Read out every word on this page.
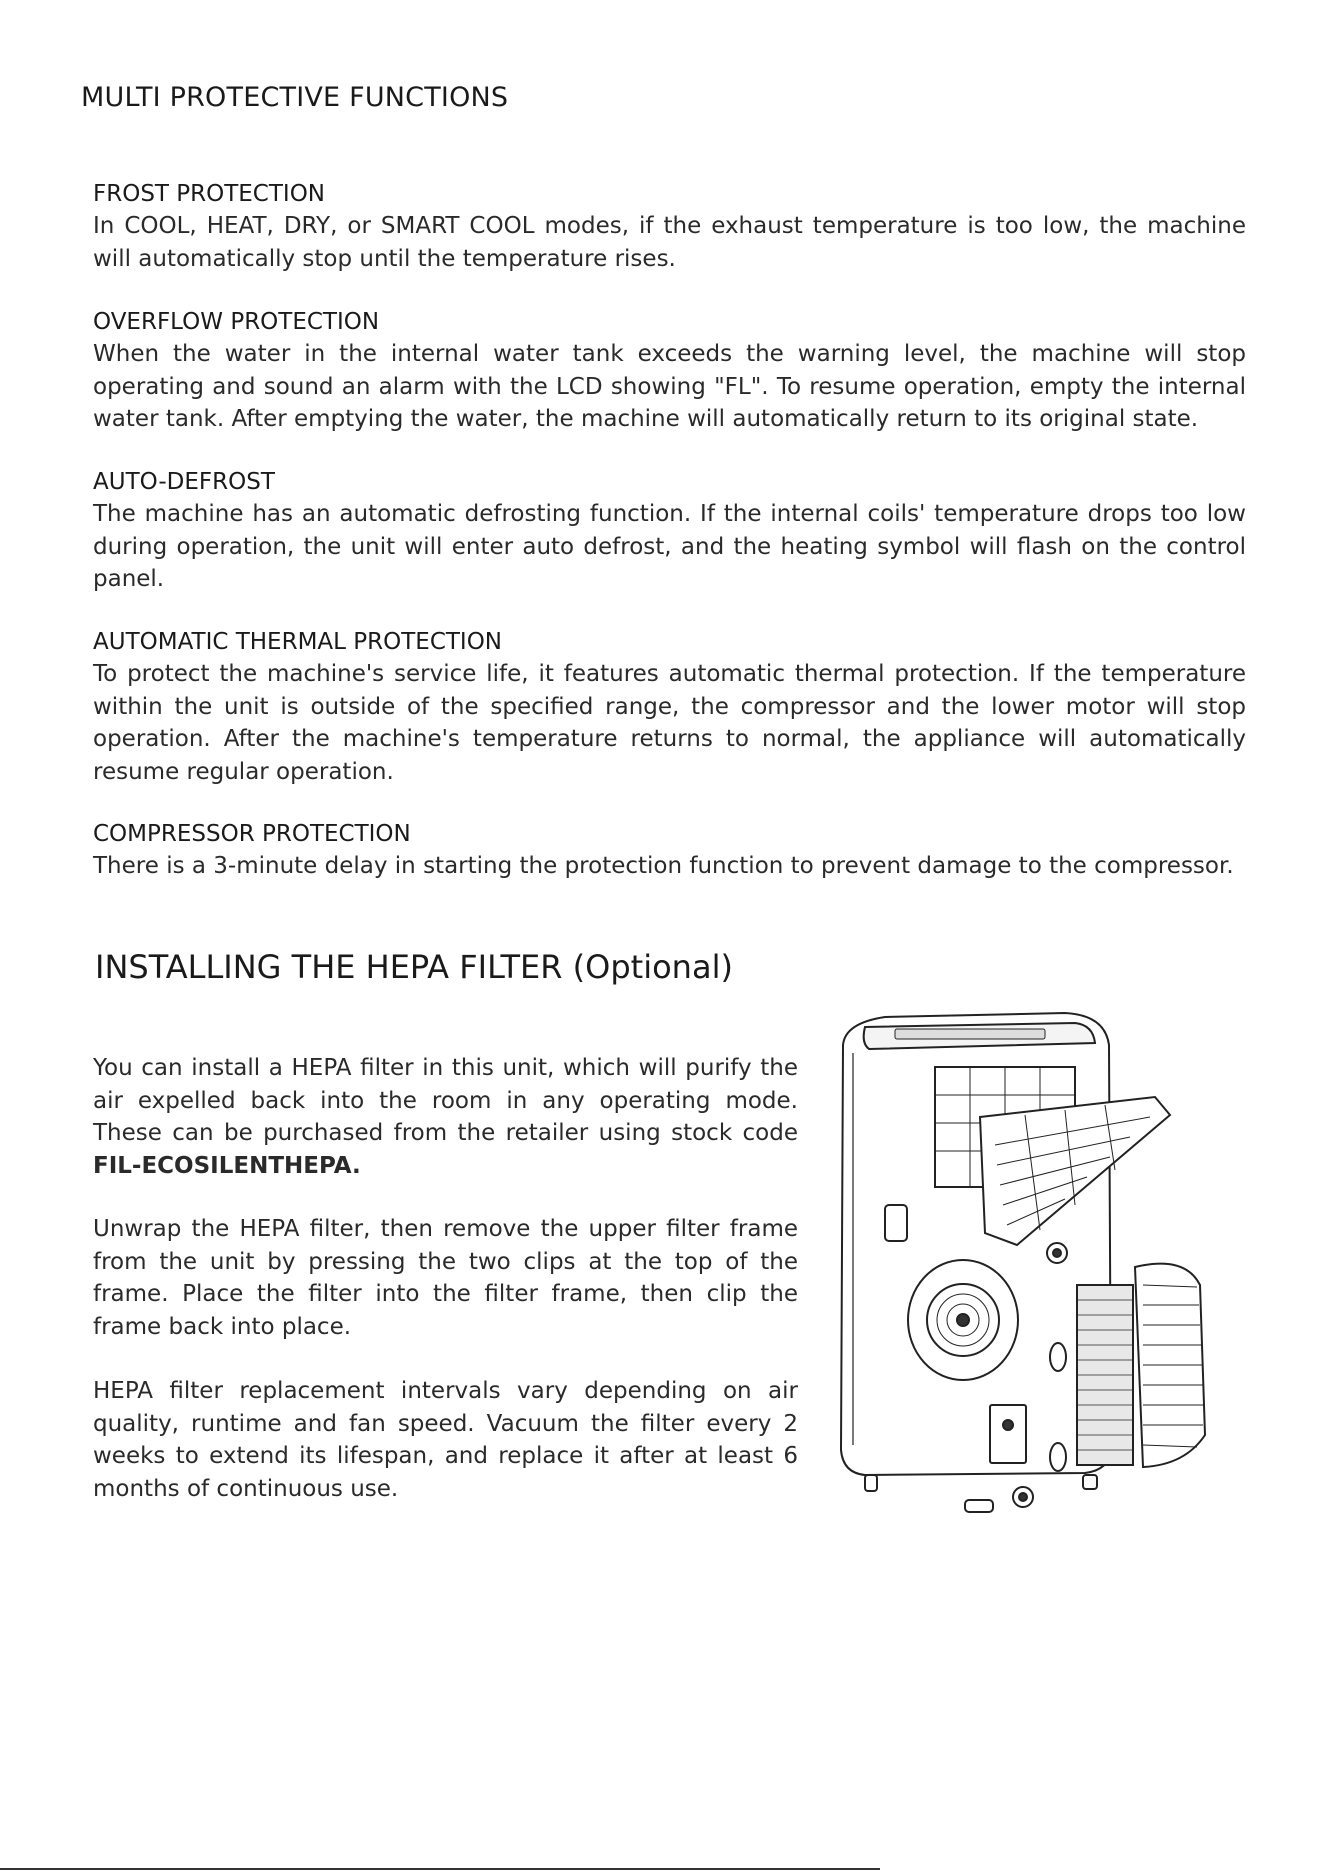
MULTI PROTECTIVE FUNCTIONS
FROST PROTECTION

In COOL, HEAT, DRY, or SMART COOL modes, if the exhaust temperature is too low, the machine will automatically stop until the temperature rises.

OVERFLOW PROTECTION

When the water in the internal water tank exceeds the warning level, the machine will stop operating and sound an alarm with the LCD showing "FL". To resume operation, empty the internal water tank. After emptying the water, the machine will automatically return to its original state.

AUTO-DEFROST

The machine has an automatic defrosting function. If the internal coils' temperature drops too low during operation, the unit will enter auto defrost, and the heating symbol will flash on the control panel.

AUTOMATIC THERMAL PROTECTION

To protect the machine's service life, it features automatic thermal protection. If the temperature within the unit is outside of the specified range, the compressor and the lower motor will stop operation. After the machine's temperature returns to normal, the appliance will automatically resume regular operation.

COMPRESSOR PROTECTION

There is a 3-minute delay in starting the protection function to prevent damage to the compressor.

INSTALLING THE HEPA FILTER (Optional)

You can install a HEPA filter in this unit, which will purify the air expelled back into the room in any operating mode. These can be purchased from the retailer using stock code FIL-ECOSILENTHEPA.

Unwrap the HEPA filter, then remove the upper filter frame from the unit by pressing the two clips at the top of the frame. Place the filter into the filter frame, then clip the frame back into place.

HEPA filter replacement intervals vary depending on air quality, runtime and fan speed. Vacuum the filter every 2 weeks to extend its lifespan, and replace it after at least 6 months of continuous use.
